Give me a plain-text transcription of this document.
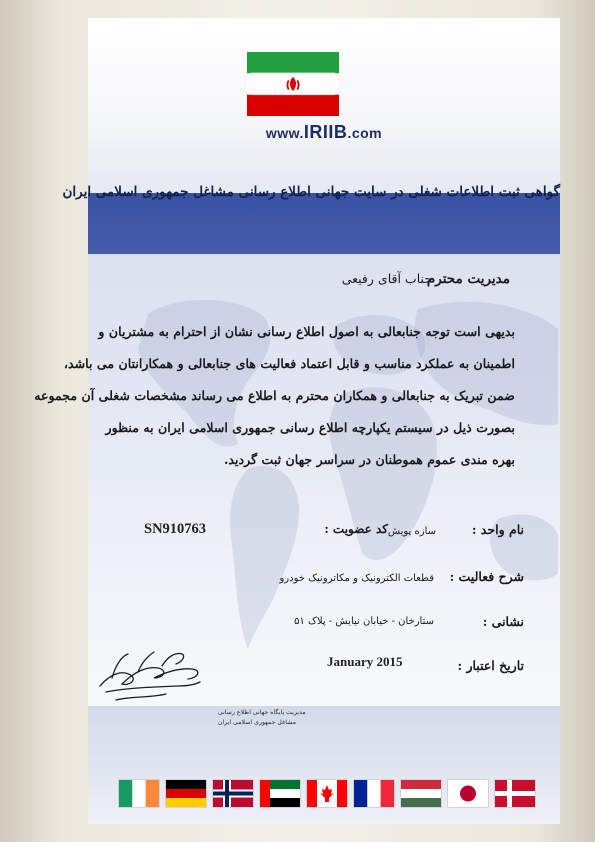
www.IRIIB.com
گواهی ثبت اطلاعات شغلی در سایت جهانی اطلاع رسانی مشاغل جمهوری اسلامی ایران
مدیریت محترم
جناب آقای رفیعی
بدیهی است توجه جنابعالی به اصول اطلاع رسانی نشان از احترام به مشتریان و
اطمینان به عملکرد مناسب و قابل اعتماد فعالیت های جنابعالی و همکارانتان می باشد،
ضمن تبریک به جنابعالی و همکاران محترم به اطلاع می رساند مشخصات شغلی آن مجموعه
بصورت ذیل در سیستم یکپارچه اطلاع رسانی جمهوری اسلامی ایران به منظور
بهره مندی عموم هموطنان در سراسر جهان ثبت گردید.
نام واحد :
سازه پویش
کد عضویت :
SN910763
شرح فعالیت :
قطعات الکترونیک و مکاترونیک خودرو
نشانی :
ستارخان - خیابان نیایش - پلاک ۵۱
تاریخ اعتبار :
January 2015
مدیریت پایگاه جهانی اطلاع رسانی
مشاغل جمهوری اسلامی ایران
